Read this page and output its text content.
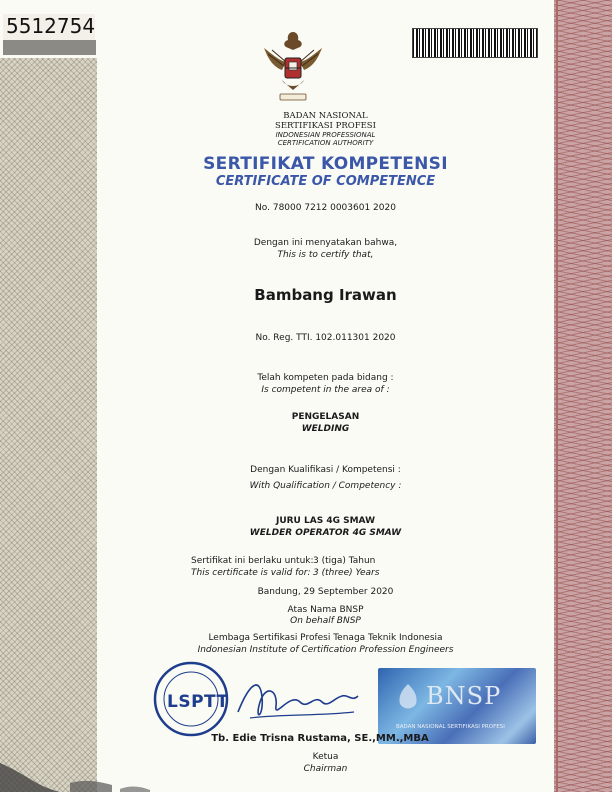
5512754
BADAN NASIONAL
SERTIFIKASI PROFESI
INDONESIAN PROFESSIONAL
CERTIFICATION AUTHORITY
SERTIFIKAT KOMPETENSI
CERTIFICATE OF COMPETENCE
No. 78000 7212 0003601 2020
Dengan ini menyatakan bahwa,
This is to certify that,
Bambang Irawan
No. Reg. TTI. 102.011301 2020
Telah kompeten pada bidang :
Is competent in the area of :
PENGELASAN
WELDING
Dengan Kualifikasi / Kompetensi :
With Qualification / Competency :
JURU LAS 4G SMAW
WELDER OPERATOR 4G SMAW
Sertifikat ini berlaku untuk:3 (tiga) Tahun
This certificate is valid for: 3 (three) Years
Bandung, 29 September 2020
Atas Nama BNSP
On behalf BNSP
Lembaga Sertifikasi Profesi Tenaga Teknik Indonesia
Indonesian Institute of Certification Profession Engineers
LSPTT	BNSP
BADAN NASIONAL SERTIFIKASI PROFESI
Tb. Edie Trisna Rustama, SE.,MM.,MBA
Ketua
Chairman
